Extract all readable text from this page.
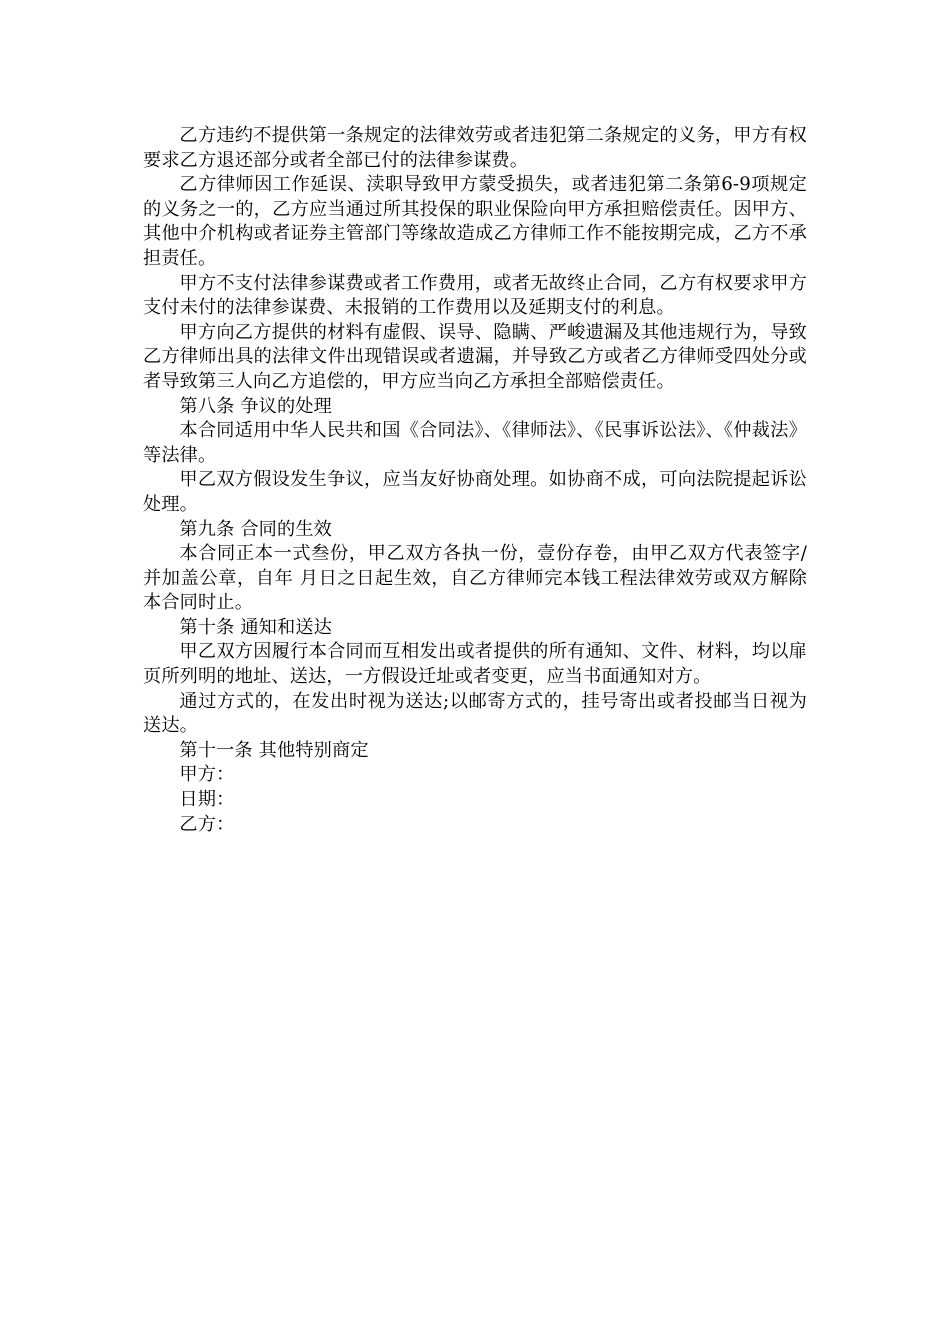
乙方违约不提供第一条规定的法律效劳或者违犯第二条规定的义务，甲方有权要求乙方退还部分或者全部已付的法律参谋费。

乙方律师因工作延误、渎职导致甲方蒙受损失，或者违犯第二条第6-9项规定的义务之一的，乙方应当通过所其投保的职业保险向甲方承担赔偿责任。因甲方、其他中介机构或者证券主管部门等缘故造成乙方律师工作不能按期完成，乙方不承担责任。

甲方不支付法律参谋费或者工作费用，或者无故终止合同，乙方有权要求甲方支付未付的法律参谋费、未报销的工作费用以及延期支付的利息。

甲方向乙方提供的材料有虚假、误导、隐瞒、严峻遗漏及其他违规行为，导致乙方律师出具的法律文件出现错误或者遗漏，并导致乙方或者乙方律师受四处分或者导致第三人向乙方追偿的，甲方应当向乙方承担全部赔偿责任。

第八条 争议的处理

本合同适用中华人民共和国《合同法》、《律师法》、《民事诉讼法》、《仲裁法》等法律。

甲乙双方假设发生争议，应当友好协商处理。如协商不成，可向法院提起诉讼处理。

第九条 合同的生效

本合同正本一式叁份，甲乙双方各执一份，壹份存卷，由甲乙双方代表签字/并加盖公章，自年 月日之日起生效，自乙方律师完本钱工程法律效劳或双方解除本合同时止。

第十条 通知和送达

甲乙双方因履行本合同而互相发出或者提供的所有通知、文件、材料，均以扉页所列明的地址、送达，一方假设迁址或者变更，应当书面通知对方。

通过方式的，在发出时视为送达;以邮寄方式的，挂号寄出或者投邮当日视为送达。

第十一条 其他特别商定

甲方：

日期：

乙方：
